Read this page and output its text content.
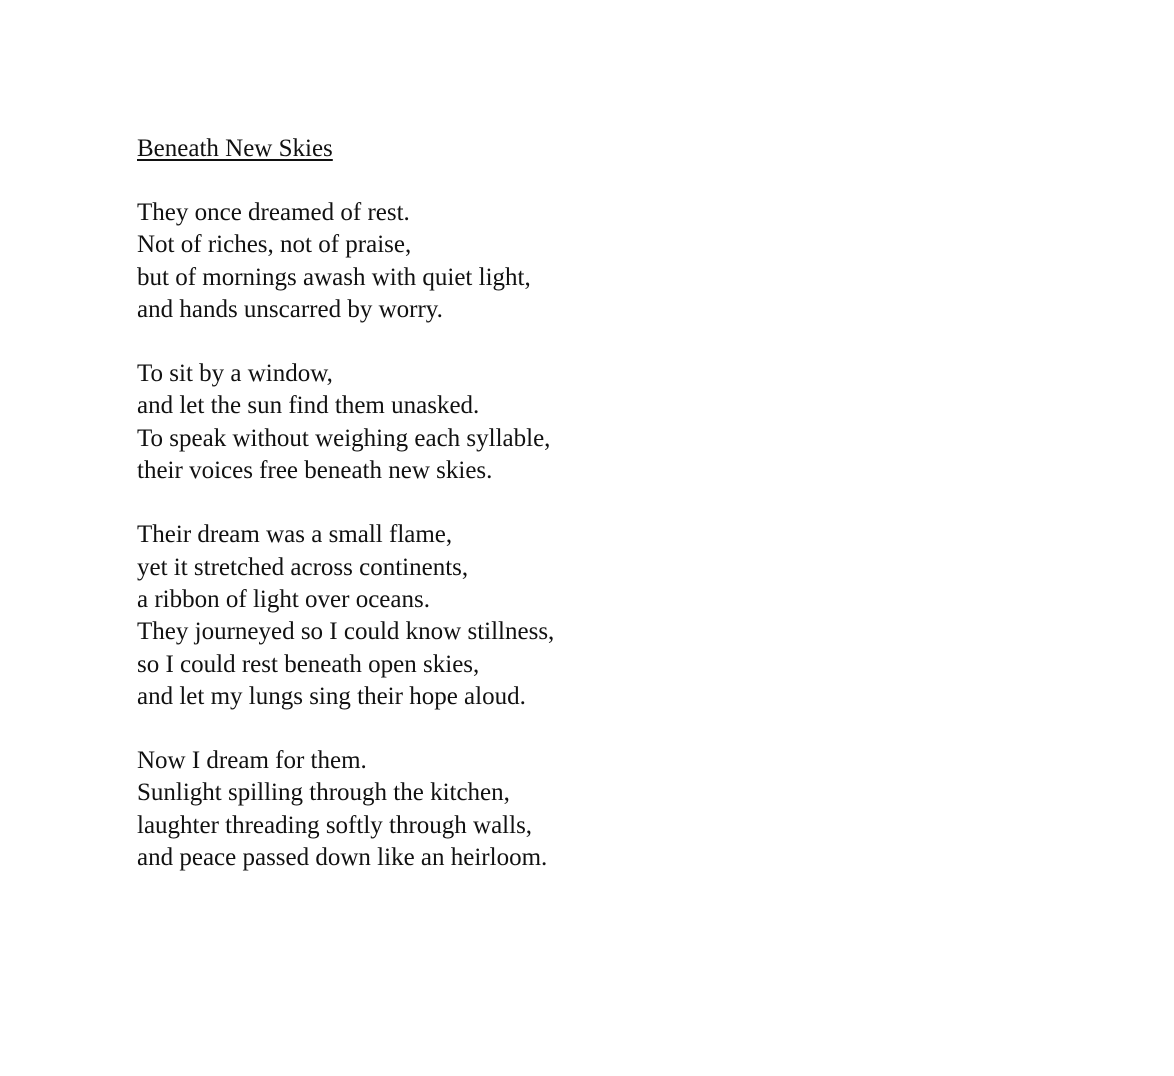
Beneath New Skies
They once dreamed of rest.
Not of riches, not of praise,
but of mornings awash with quiet light,
and hands unscarred by worry.
To sit by a window,
and let the sun find them unasked.
To speak without weighing each syllable,
their voices free beneath new skies.
Their dream was a small flame,
yet it stretched across continents,
a ribbon of light over oceans.
They journeyed so I could know stillness,
so I could rest beneath open skies,
and let my lungs sing their hope aloud.
Now I dream for them.
Sunlight spilling through the kitchen,
laughter threading softly through walls,
and peace passed down like an heirloom.
